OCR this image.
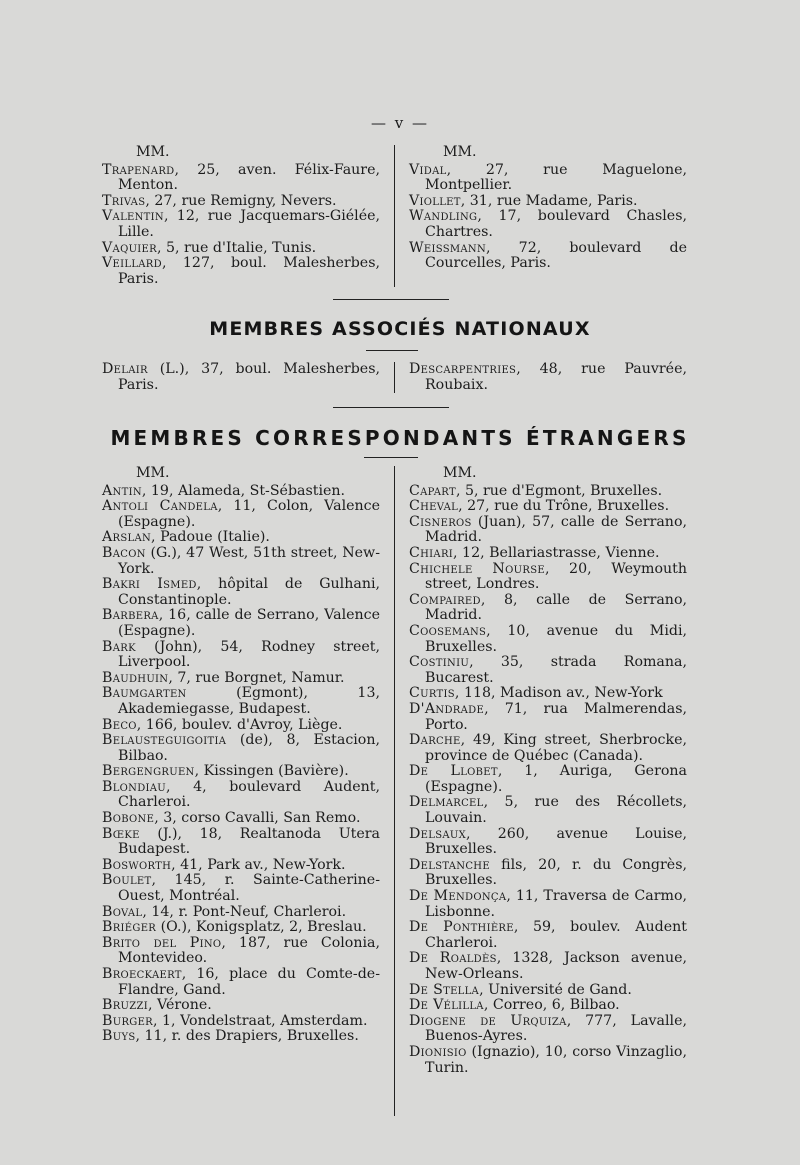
— v —
MM.
Trapenard, 25, aven. Félix-Faure, Menton.
Trivas, 27, rue Remigny, Nevers.
Valentin, 12, rue Jacquemars-Giélée, Lille.
Vaquier, 5, rue d'Italie, Tunis.
Veillard, 127, boul. Malesherbes, Paris.
MM.
Vidal, 27, rue Maguelone, Montpellier.
Viollet, 31, rue Madame, Paris.
Wandling, 17, boulevard Chasles, Chartres.
Weissmann, 72, boulevard de Courcelles, Paris.
MEMBRES ASSOCIÉS NATIONAUX
Delair (L.), 37, boul. Malesherbes, Paris.
Descarpentries, 48, rue Pauvrée, Roubaix.
MEMBRES CORRESPONDANTS ÉTRANGERS
MM.
Antin, 19, Alameda, St-Sébastien.
Antoli Candela, 11, Colon, Valence (Espagne).
Arslan, Padoue (Italie).
Bacon (G.), 47 West, 51th street, New-York.
Bakri Ismed, hôpital de Gulhani, Constantinople.
Barbera, 16, calle de Serrano, Valence (Espagne).
Bark (John), 54, Rodney street, Liverpool.
Baudhuin, 7, rue Borgnet, Namur.
Baumgarten (Egmont), 13, Akademiegasse, Budapest.
Beco, 166, boulev. d'Avroy, Liège.
Belausteguigoitia (de), 8, Estacion, Bilbao.
Bergengruen, Kissingen (Bavière).
Blondiau, 4, boulevard Audent, Charleroi.
Bobone, 3, corso Cavalli, San Remo.
Bœke (J.), 18, Realtanoda Utera Budapest.
Bosworth, 41, Park av., New-York.
Boulet, 145, r. Sainte-Catherine-Ouest, Montréal.
Boval, 14, r. Pont-Neuf, Charleroi.
Briéger (O.), Konigsplatz, 2, Breslau.
Brito del Pino, 187, rue Colonia, Montevideo.
Broeckaert, 16, place du Comte-de-Flandre, Gand.
Bruzzi, Vérone.
Burger, 1, Vondelstraat, Amsterdam.
Buys, 11, r. des Drapiers, Bruxelles.
MM.
Capart, 5, rue d'Egmont, Bruxelles.
Cheval, 27, rue du Trône, Bruxelles.
Cisneros (Juan), 57, calle de Serrano, Madrid.
Chiari, 12, Bellariastrasse, Vienne.
Chichele Nourse, 20, Weymouth street, Londres.
Compaired, 8, calle de Serrano, Madrid.
Coosemans, 10, avenue du Midi, Bruxelles.
Costiniu, 35, strada Romana, Bucarest.
Curtis, 118, Madison av., New-York
D'Andrade, 71, rua Malmerendas, Porto.
Darche, 49, King street, Sherbrocke, province de Québec (Canada).
De Llobet, 1, Auriga, Gerona (Espagne).
Delmarcel, 5, rue des Récollets, Louvain.
Delsaux, 260, avenue Louise, Bruxelles.
Delstanche fils, 20, r. du Congrès, Bruxelles.
De Mendonça, 11, Traversa de Carmo, Lisbonne.
De Ponthière, 59, boulev. Audent Charleroi.
De Roaldès, 1328, Jackson avenue, New-Orleans.
De Stella, Université de Gand.
De Vélilla, Correo, 6, Bilbao.
Diogene de Urquiza, 777, Lavalle, Buenos-Ayres.
Dionisio (Ignazio), 10, corso Vinzaglio, Turin.
